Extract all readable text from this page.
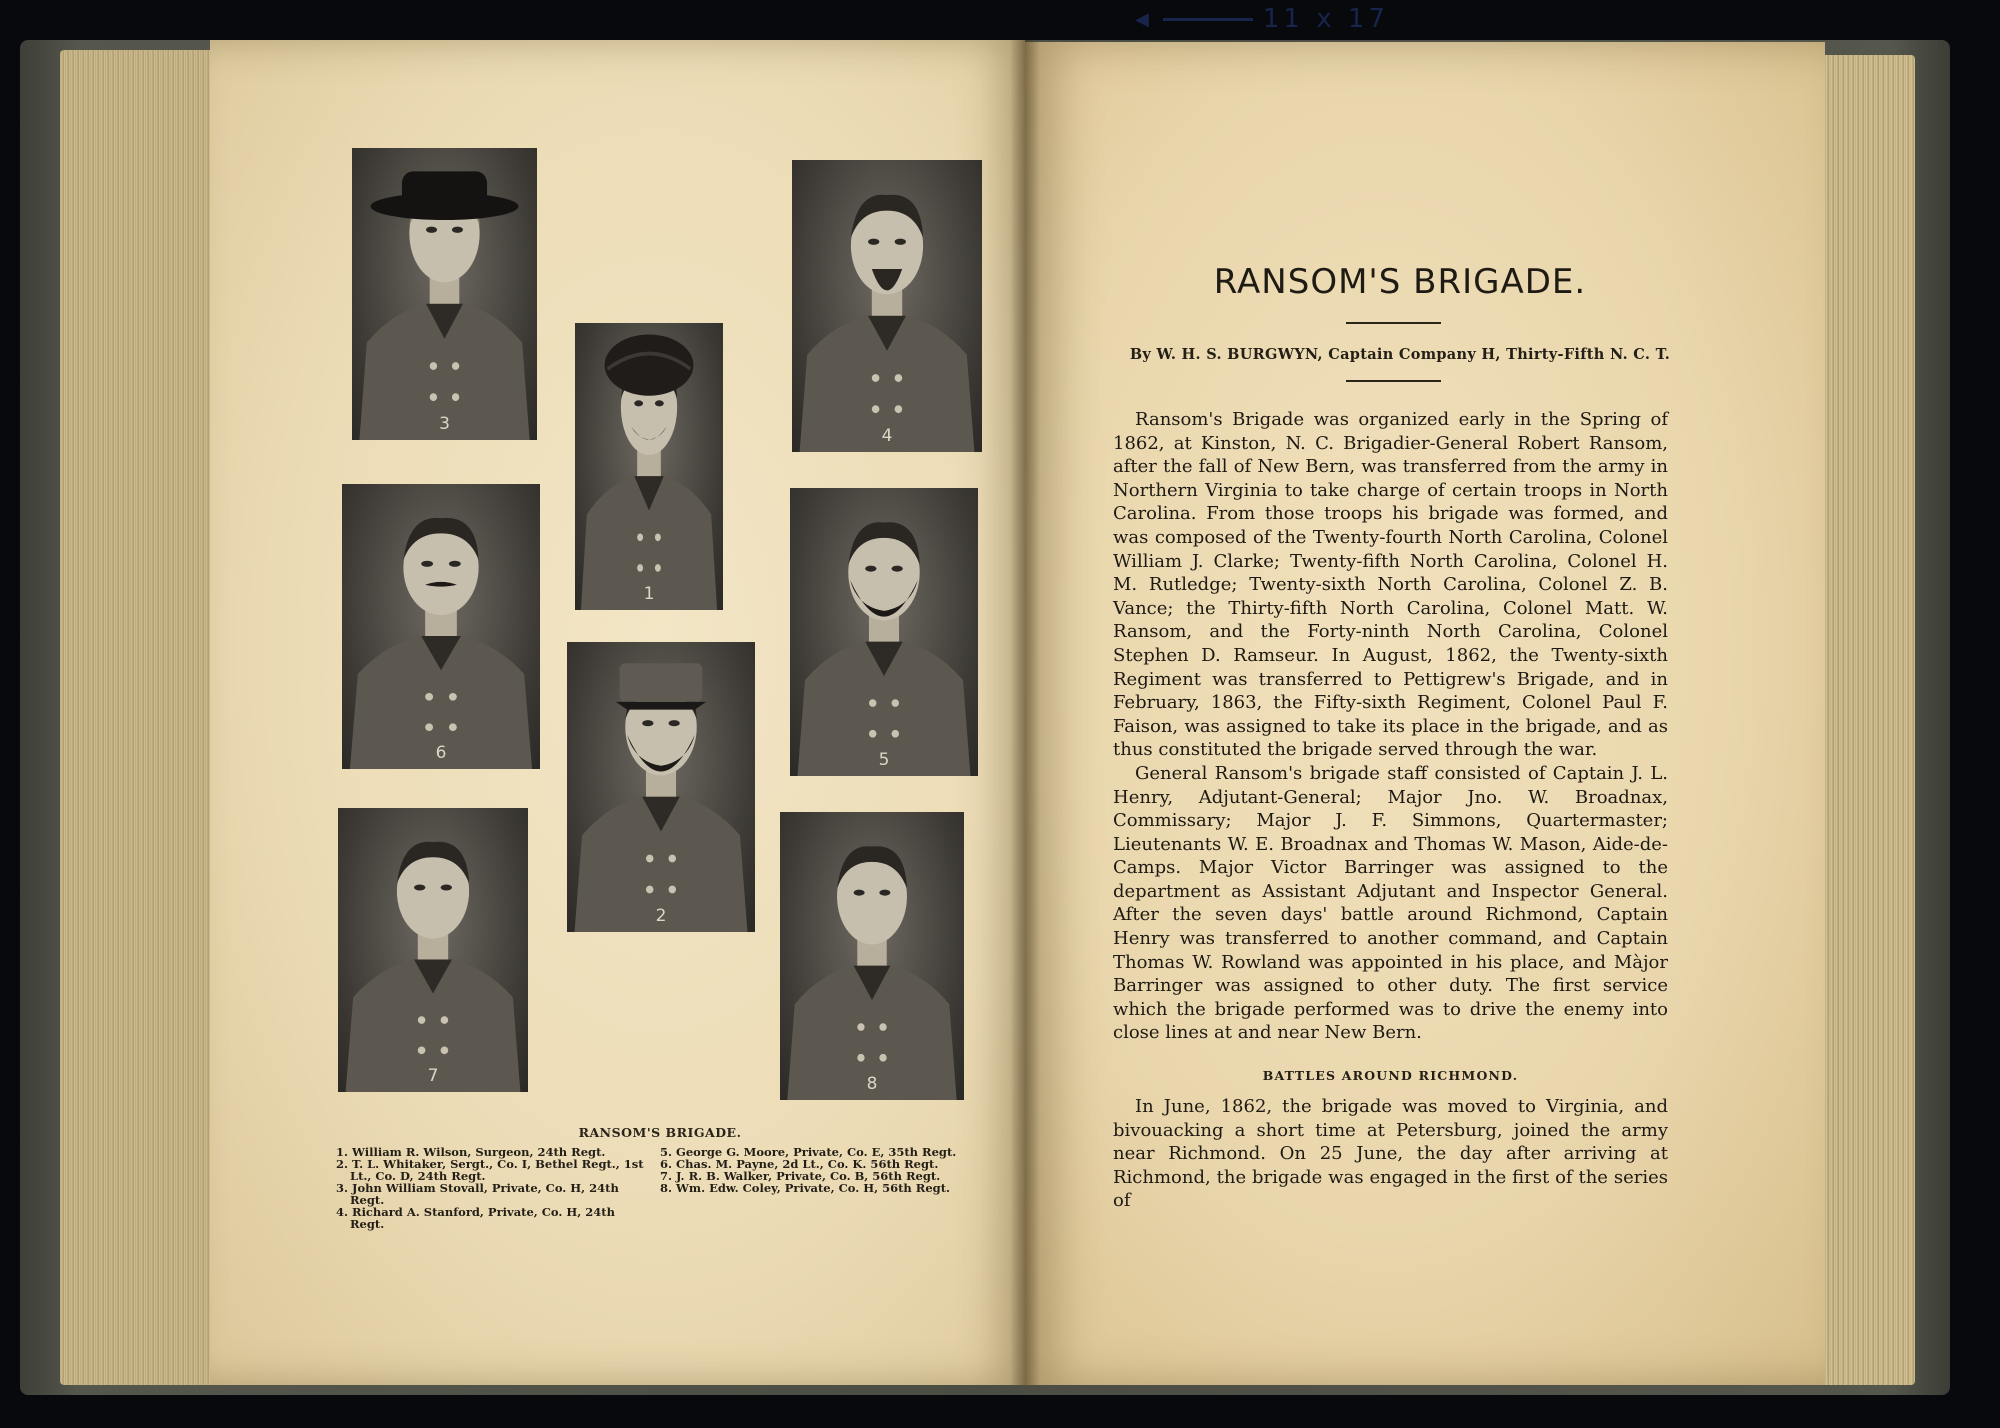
◀ 11 x 17 ▶
3
1
4
6	5
2
7	8
RANSOM'S BRIGADE.
1. William R. Wilson, Surgeon, 24th Regt.
2. T. L. Whitaker, Sergt., Co. I, Bethel Regt., 1st Lt., Co. D, 24th Regt.
3. John William Stovall, Private, Co. H, 24th Regt.
4. Richard A. Stanford, Private, Co. H, 24th Regt.
5. George G. Moore, Private, Co. E, 35th Regt.
6. Chas. M. Payne, 2d Lt., Co. K. 56th Regt.
7. J. R. B. Walker, Private, Co. B, 56th Regt.
8. Wm. Edw. Coley, Private, Co. H, 56th Regt.
RANSOM'S BRIGADE.
By W. H. S. BURGWYN, Captain Company H, Thirty-Fifth N. C. T.

Ransom's Brigade was organized early in the Spring of 1862, at Kinston, N. C. Brigadier-General Robert Ransom, after the fall of New Bern, was transferred from the army in Northern Virginia to take charge of certain troops in North Carolina. From those troops his brigade was formed, and was composed of the Twenty-fourth North Carolina, Colonel William J. Clarke; Twenty-fifth North Carolina, Colonel H. M. Rutledge; Twenty-sixth North Carolina, Colonel Z. B. Vance; the Thirty-fifth North Carolina, Colonel Matt. W. Ransom, and the Forty-ninth North Carolina, Colonel Stephen D. Ramseur. In August, 1862, the Twenty-sixth Regiment was transferred to Pettigrew's Brigade, and in February, 1863, the Fifty-sixth Regiment, Colonel Paul F. Faison, was assigned to take its place in the brigade, and as thus constituted the brigade served through the war.

General Ransom's brigade staff consisted of Captain J. L. Henry, Adjutant-General; Major Jno. W. Broadnax, Commissary; Major J. F. Simmons, Quartermaster; Lieutenants W. E. Broadnax and Thomas W. Mason, Aide-de-Camps. Major Victor Barringer was assigned to the department as Assistant Adjutant and Inspector General. After the seven days' battle around Richmond, Captain Henry was transferred to another command, and Captain Thomas W. Rowland was appointed in his place, and Màjor Barringer was assigned to other duty. The first service which the brigade performed was to drive the enemy into close lines at and near New Bern.

BATTLES AROUND RICHMOND.

In June, 1862, the brigade was moved to Virginia, and bivouacking a short time at Petersburg, joined the army near Richmond. On 25 June, the day after arriving at Richmond, the brigade was engaged in the first of the series of
